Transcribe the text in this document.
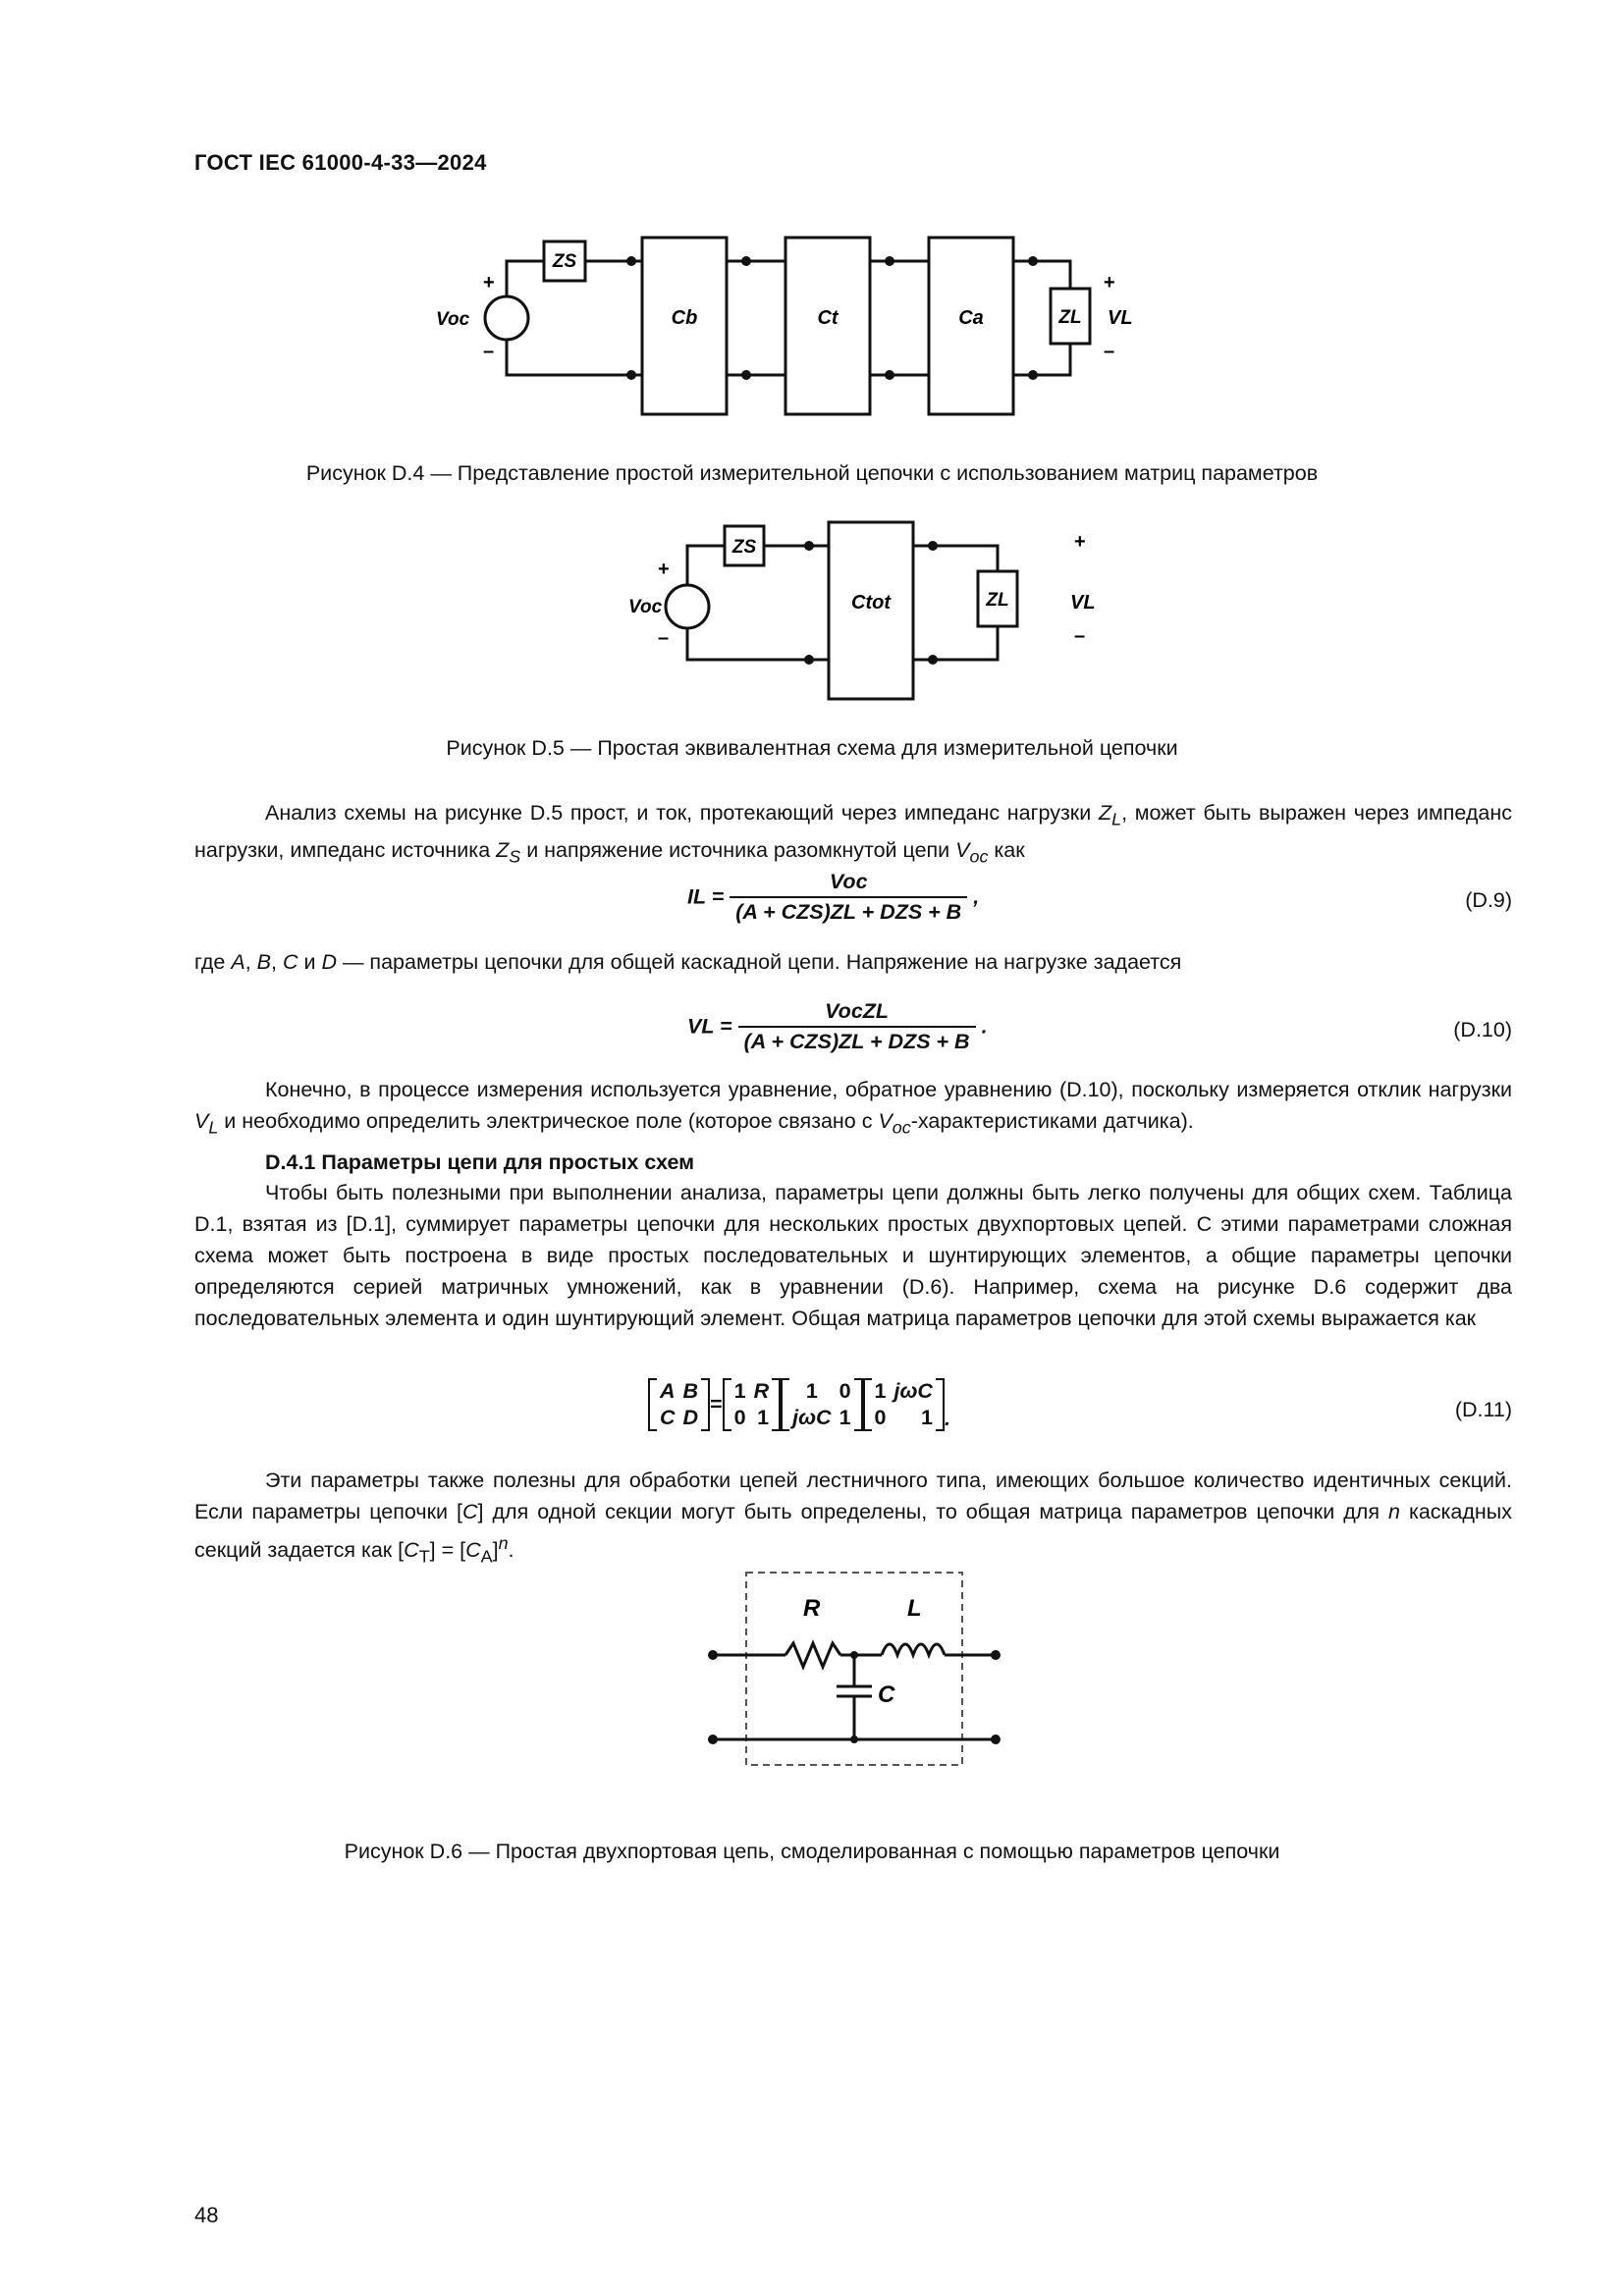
ГОСТ IEC 61000-4-33—2024
+
–
Voc
ZS
Cb	Ct	Ca	ZL
+
–
VL
Рисунок D.4 — Представление простой измерительной цепочки с использованием матриц параметров
+
–
Voc
ZS
Ctot	ZL
+
–
VL
Рисунок D.5 — Простая эквивалентная схема для измерительной цепочки
Анализ схемы на рисунке D.5 прост, и ток, протекающий через импеданс нагрузки $Z_L$, может быть выражен через импеданс нагрузки, импеданс источника $Z_S$ и напряжение источника разомкнутой цепи $V_{oc}$ как
IL = $\frac{\text{Voc}}{\text{(A + CZS)ZL + DZS + B}}$ ,	(D.9)
где A, B, C и D — параметры цепочки для общей каскадной цепи. Напряжение на нагрузке задается
VL = $\frac{\text{VocZL}}{\text{(A + CZS)ZL + DZS + B}}$ .	(D.10)
Конечно, в процессе измерения используется уравнение, обратное уравнению (D.10), поскольку измеряется отклик нагрузки $V_L$ и необходимо определить электрическое поле (которое связано с $V_{oc}$-характеристиками датчика).
D.4.1 Параметры цепи для простых схем
Чтобы быть полезными при выполнении анализа, параметры цепи должны быть легко получены для общих схем. Таблица D.1, взятая из [D.1], суммирует параметры цепочки для нескольких простых двухпортовых цепей. С этими параметрами сложная схема может быть построена в виде простых последовательных и шунтирующих элементов, а общие параметры цепочки определяются серией матричных умножений, как в уравнении (D.6). Например, схема на рисунке D.6 содержит два последовательных элемента и один шунтирующий элемент. Общая матрица параметров цепочки для этой схемы выражается как
A	B
C	D
=
1	R
0	1
1	0
jωC	1
1	jωC
0	1 .	(D.11)
Эти параметры также полезны для обработки цепей лестничного типа, имеющих большое количество идентичных секций. Если параметры цепочки [C] для одной секции могут быть определены, то общая матрица параметров цепочки для n каскадных секций задается как $[C_T] = [C_A]^n$.
R	L
C
Рисунок D.6 — Простая двухпортовая цепь, смоделированная с помощью параметров цепочки
48
